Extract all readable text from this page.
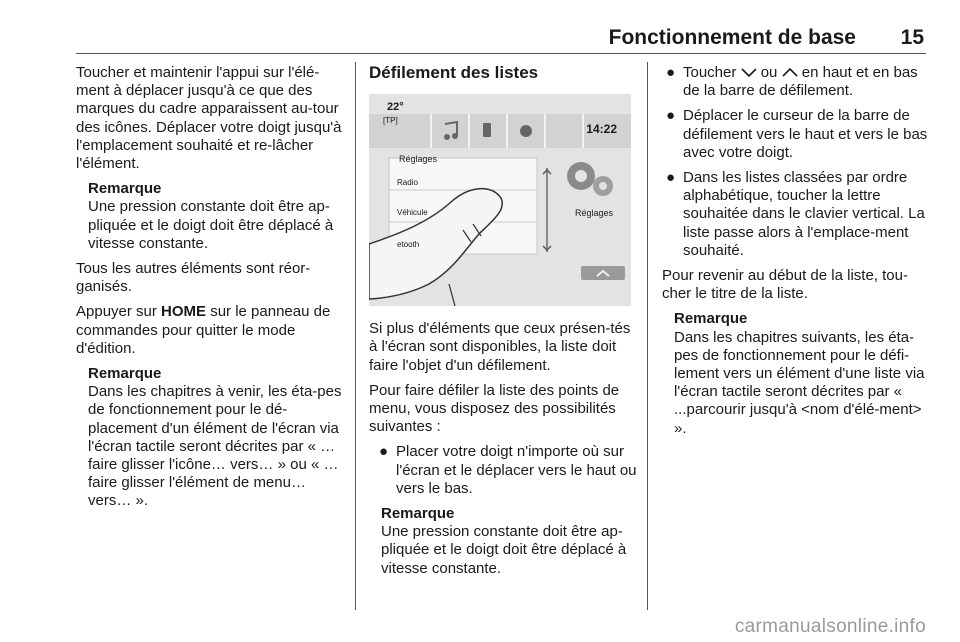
Fonctionnement de base 15

Toucher et maintenir l'appui sur l'élé-ment à déplacer jusqu'à ce que des marques du cadre apparaissent au-tour des icônes. Déplacer votre doigt jusqu'à l'emplacement souhaité et re-lâcher l'élément.

Remarque
Une pression constante doit être ap-pliquée et le doigt doit être déplacé à vitesse constante.

Tous les autres éléments sont réor-ganisés.

Appuyer sur HOME sur le panneau de commandes pour quitter le mode d'édition.

Remarque
Dans les chapitres à venir, les éta-pes de fonctionnement pour le dé-placement d'un élément de l'écran via l'écran tactile seront décrites par « …faire glisser l'icône… vers… » ou « …faire glisser l'élément de menu… vers… ».
Défilement des listes
22°
[TP]
14:22
Réglages
Radio
Véhicule
etooth
Réglages

Si plus d'éléments que ceux présen-tés à l'écran sont disponibles, la liste doit faire l'objet d'un défilement.

Pour faire défiler la liste des points de menu, vous disposez des possibilités suivantes :

● Placer votre doigt n'importe où sur l'écran et le déplacer vers le haut ou vers le bas.
Remarque
Une pression constante doit être ap-pliquée et le doigt doit être déplacé à vitesse constante.
● Toucher  ou  en haut et en bas de la barre de défilement.
● Déplacer le curseur de la barre de défilement vers le haut et vers le bas avec votre doigt.
● Dans les listes classées par ordre alphabétique, toucher la lettre souhaitée dans le clavier vertical. La liste passe alors à l'emplace-ment souhaité.

Pour revenir au début de la liste, tou-cher le titre de la liste.

Remarque
Dans les chapitres suivants, les éta-pes de fonctionnement pour le défi-lement vers un élément d'une liste via l'écran tactile seront décrites par « ...parcourir jusqu'à <nom d'élé-ment> ».
carmanualsonline.info
